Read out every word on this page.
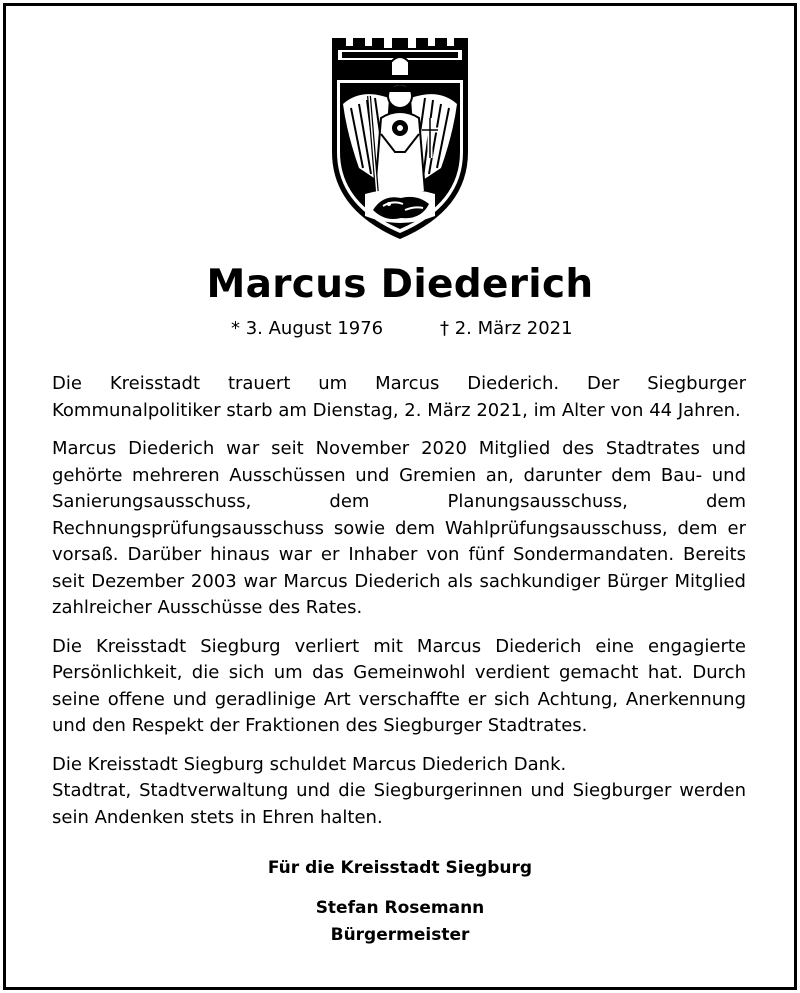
Marcus Diederich
* 3. August 1976	† 2. März 2021

Die Kreisstadt trauert um Marcus Diederich. Der Siegburger Kommunalpolitiker starb am Dienstag, 2. März 2021, im Alter von 44 Jahren.

Marcus Diederich war seit November 2020 Mitglied des Stadtrates und gehörte mehreren Ausschüssen und Gremien an, darunter dem Bau- und Sanierungsausschuss, dem Planungsausschuss, dem Rechnungsprüfungsausschuss sowie dem Wahlprüfungsausschuss, dem er vorsaß. Darüber hinaus war er Inhaber von fünf Sondermandaten. Bereits seit Dezember 2003 war Marcus Diederich als sachkundiger Bürger Mitglied zahlreicher Ausschüsse des Rates.

Die Kreisstadt Siegburg verliert mit Marcus Diederich eine engagierte Persönlichkeit, die sich um das Gemeinwohl verdient gemacht hat. Durch seine offene und geradlinige Art verschaffte er sich Achtung, Anerkennung und den Respekt der Fraktionen des Siegburger Stadtrates.

Die Kreisstadt Siegburg schuldet Marcus Diederich Dank.
Stadtrat, Stadtverwaltung und die Siegburgerinnen und Siegburger werden sein Andenken stets in Ehren halten.

Für die Kreisstadt Siegburg
Stefan Rosemann
Bürgermeister
